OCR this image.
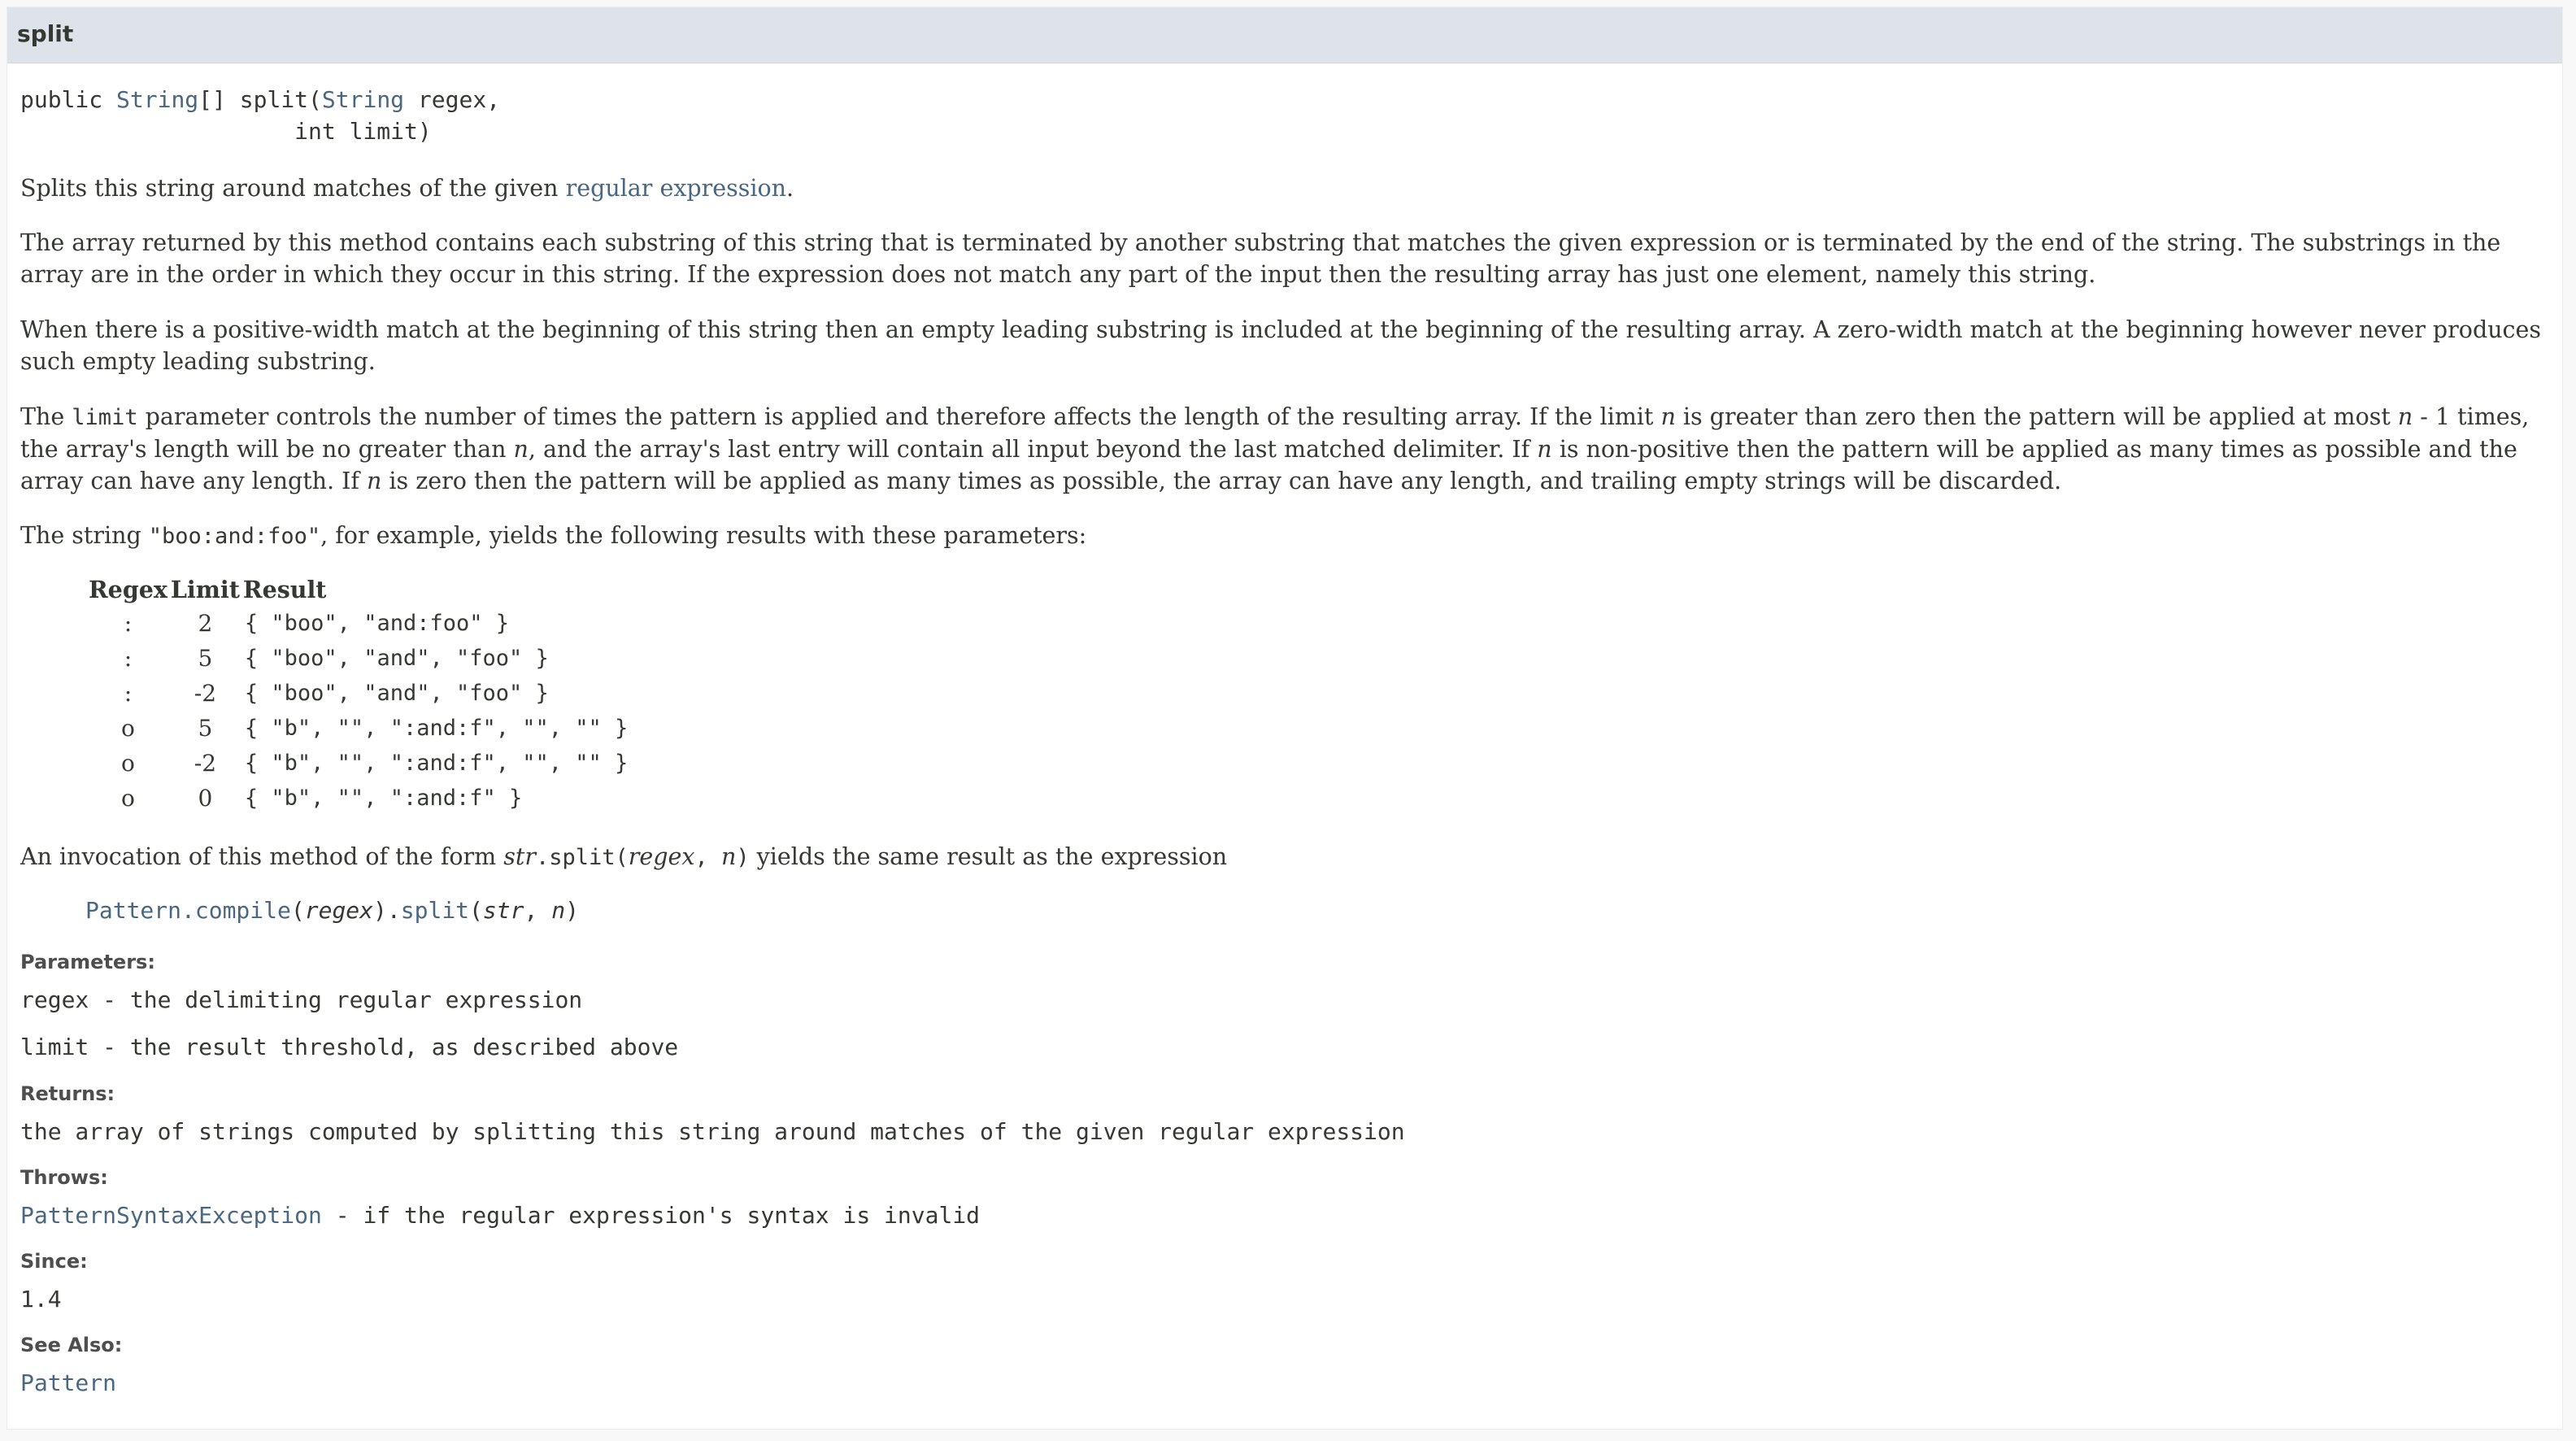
split
public String[] split(String regex,
int limit)

Splits this string around matches of the given regular expression.

The array returned by this method contains each substring of this string that is terminated by another substring that matches the given expression or is terminated by the end of the string. The substrings in the array are in the order in which they occur in this string. If the expression does not match any part of the input then the resulting array has just one element, namely this string.

When there is a positive-width match at the beginning of this string then an empty leading substring is included at the beginning of the resulting array. A zero-width match at the beginning however never produces such empty leading substring.

The limit parameter controls the number of times the pattern is applied and therefore affects the length of the resulting array. If the limit n is greater than zero then the pattern will be applied at most n - 1 times, the array's length will be no greater than n, and the array's last entry will contain all input beyond the last matched delimiter. If n is non-positive then the pattern will be applied as many times as possible and the array can have any length. If n is zero then the pattern will be applied as many times as possible, the array can have any length, and trailing empty strings will be discarded.

The string "boo:and:foo", for example, yields the following results with these parameters:

Regex	Limit	Result
:	2	{ "boo", "and:foo" }
:	5	{ "boo", "and", "foo" }
:	-2	{ "boo", "and", "foo" }
o	5	{ "b", "", ":and:f", "", "" }
o	-2	{ "b", "", ":and:f", "", "" }
o	0	{ "b", "", ":and:f" }

An invocation of this method of the form str.split(regex, n) yields the same result as the expression

Pattern.compile(regex).split(str, n)
Parameters:
regex - the delimiting regular expression
limit - the result threshold, as described above
Returns:
the array of strings computed by splitting this string around matches of the given regular expression
Throws:
PatternSyntaxException - if the regular expression's syntax is invalid
Since:
1.4
See Also:
Pattern
